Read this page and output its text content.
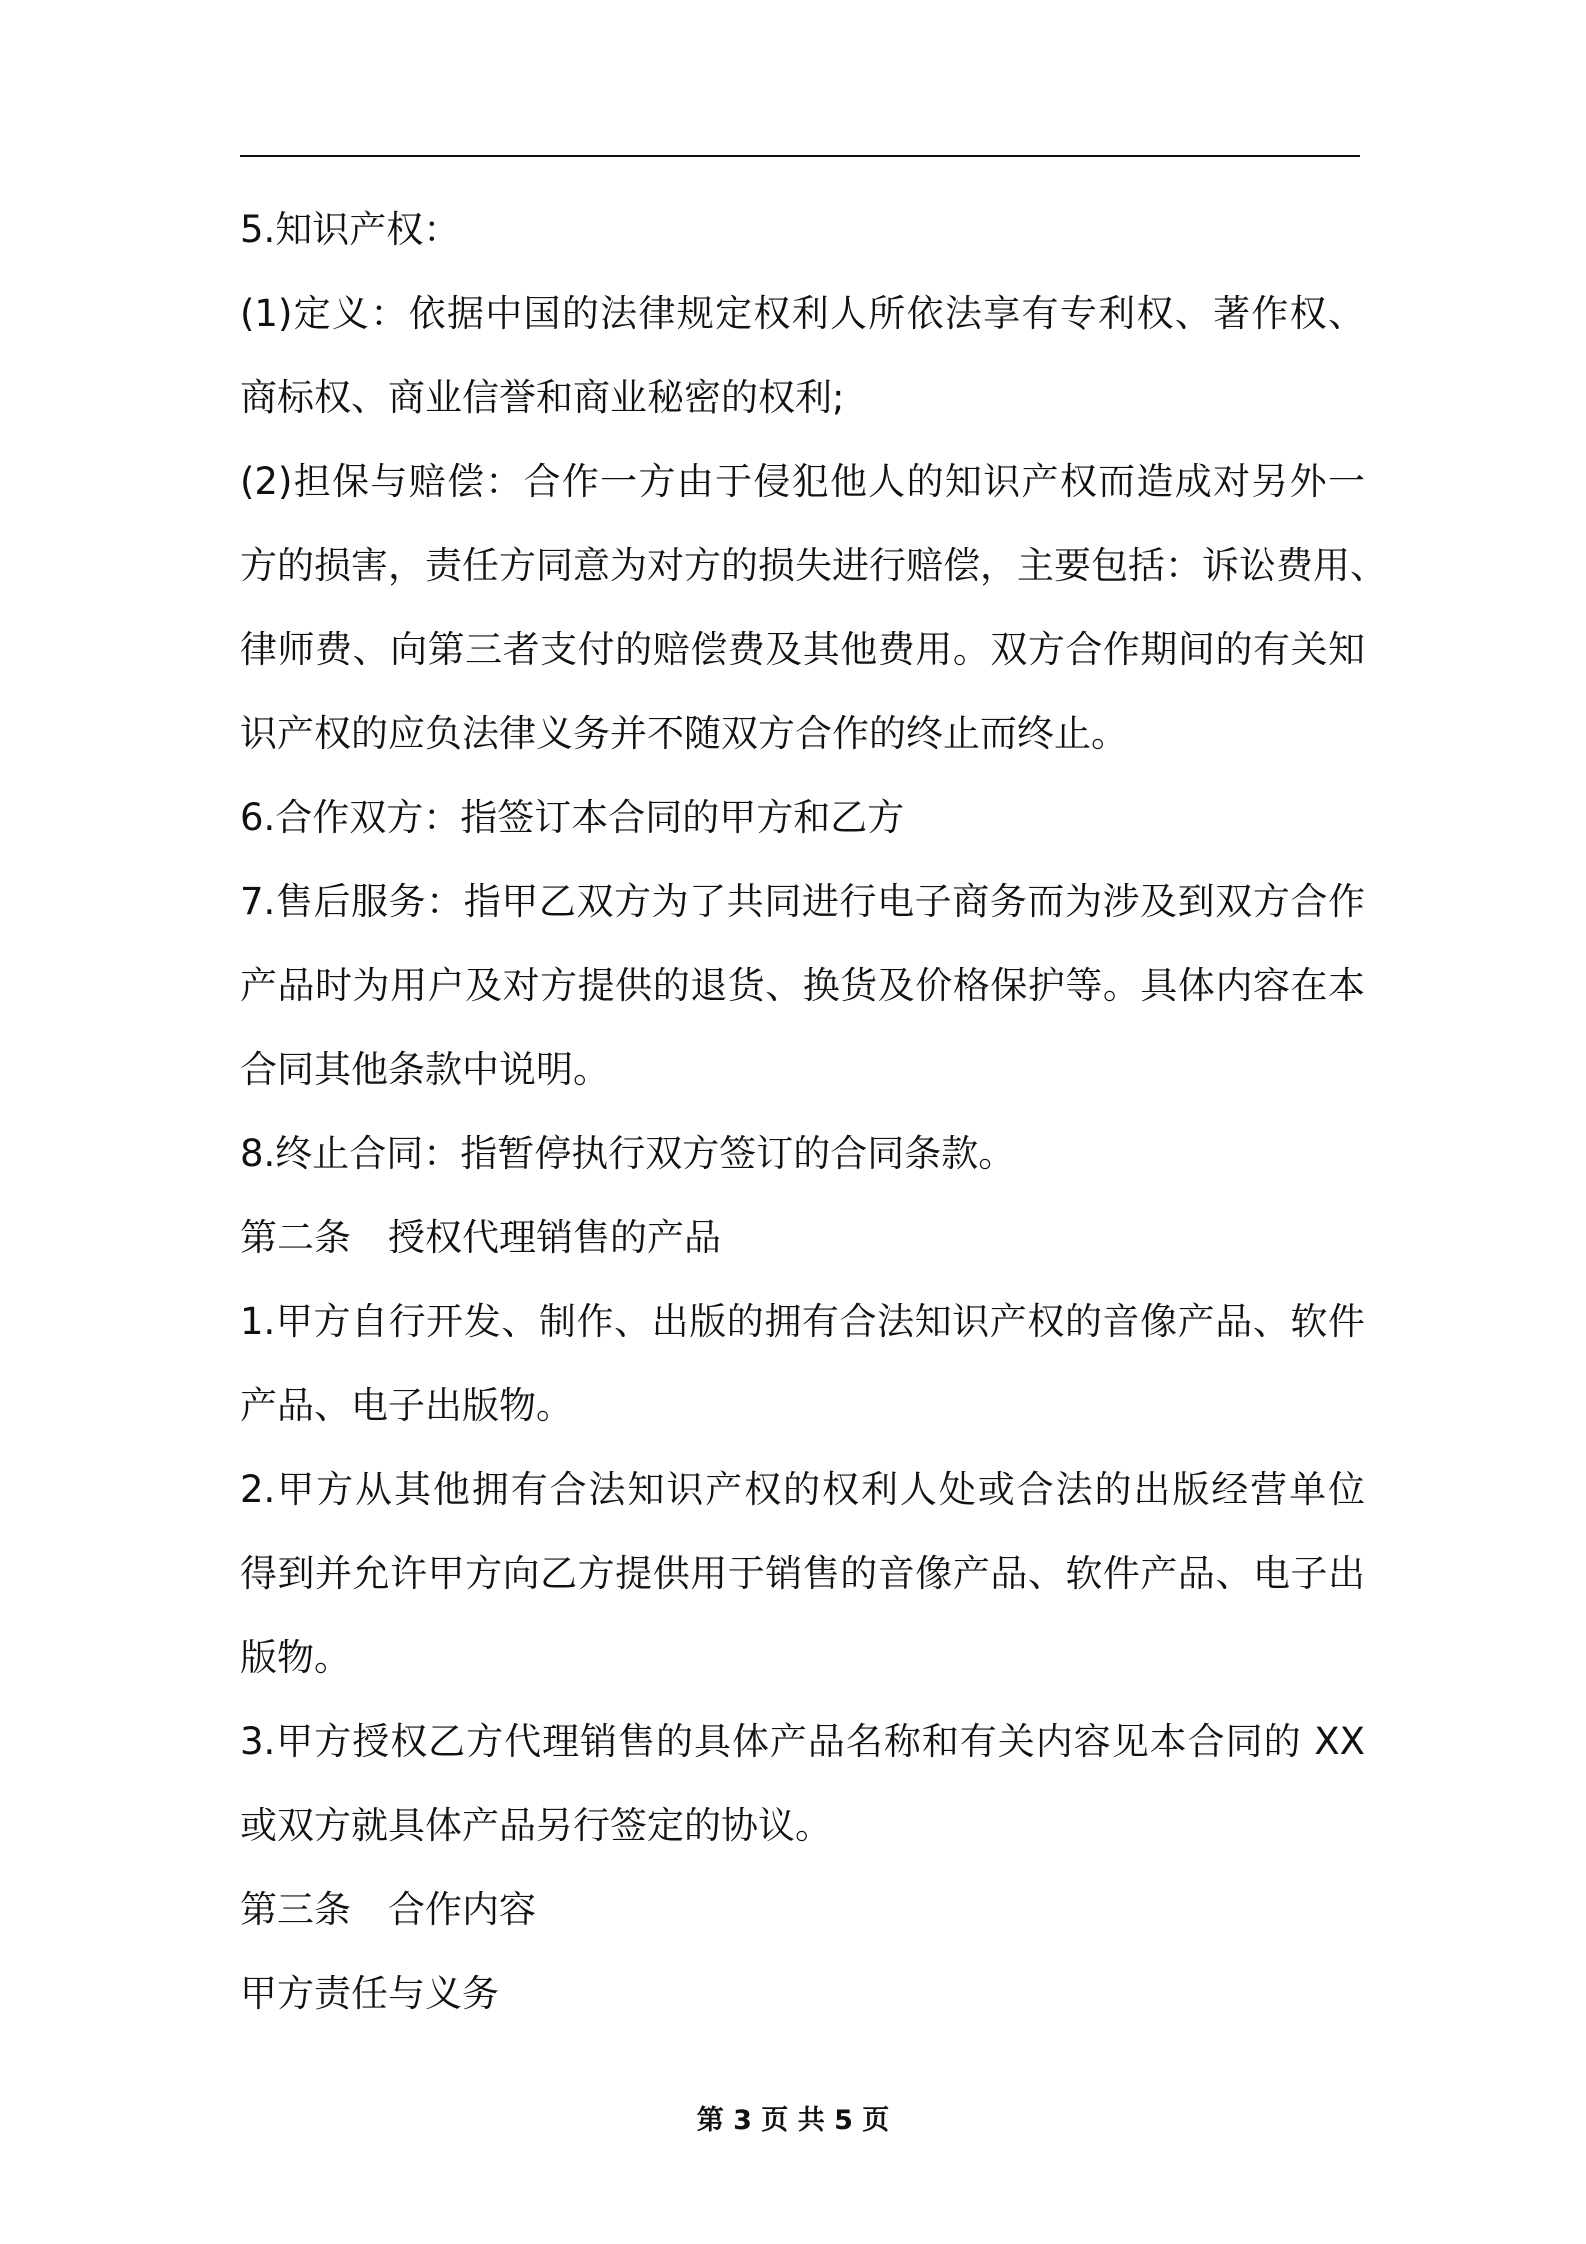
5.知识产权：
(1)定义：依据中国的法律规定权利人所依法享有专利权、著作权、
商标权、商业信誉和商业秘密的权利;
(2)担保与赔偿：合作一方由于侵犯他人的知识产权而造成对另外一
方的损害，责任方同意为对方的损失进行赔偿，主要包括：诉讼费用、
律师费、向第三者支付的赔偿费及其他费用。双方合作期间的有关知
识产权的应负法律义务并不随双方合作的终止而终止。
6.合作双方：指签订本合同的甲方和乙方
7.售后服务：指甲乙双方为了共同进行电子商务而为涉及到双方合作
产品时为用户及对方提供的退货、换货及价格保护等。具体内容在本
合同其他条款中说明。
8.终止合同：指暂停执行双方签订的合同条款。
第二条　授权代理销售的产品
1.甲方自行开发、制作、出版的拥有合法知识产权的音像产品、软件
产品、电子出版物。
2.甲方从其他拥有合法知识产权的权利人处或合法的出版经营单位
得到并允许甲方向乙方提供用于销售的音像产品、软件产品、电子出
版物。
3.甲方授权乙方代理销售的具体产品名称和有关内容见本合同的 XX
或双方就具体产品另行签定的协议。
第三条　合作内容
甲方责任与义务
第 3 页 共 5 页
